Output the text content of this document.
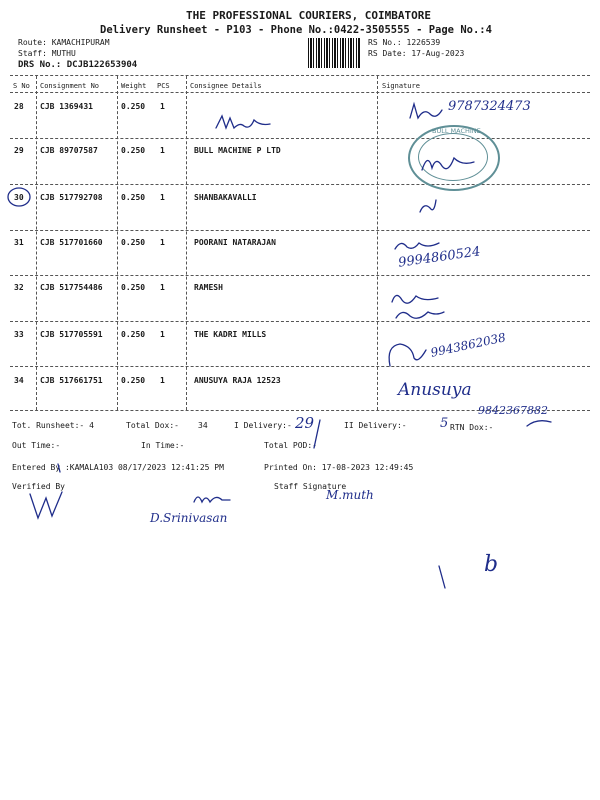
THE PROFESSIONAL COURIERS, COIMBATORE
Delivery Runsheet - P103 - Phone No.:0422-3505555 - Page No.:4
Route: KAMACHIPURAM
Staff: MUTHU
DRS No.: DCJB122653904
RS No.: 1226539
RS Date: 17-Aug-2023
S No Consignment No	Weight PCS	Consignee Details	Signature
28 CJB 1369431	0.250 1
29 CJB 89707587	0.250 1	BULL MACHINE P LTD
30 CJB 517792708 0.250 1	SHANBAKAVALLI
31 CJB 517701660 0.250 1	POORANI NATARAJAN
32 CJB 517754486 0.250 1	RAMESH
33 CJB 517705591 0.250 1	THE KADRI MILLS
34 CJB 517661751 0.250 1	ANUSUYA RAJA 12523
Tot. Runsheet:- 4	Total Dox:- 34	I Delivery:-	II Delivery:-	RTN Dox:-
Out Time:-	In Time:-	Total POD:-
Entered By :KAMALA103 08/17/2023 12:41:25 PM	Printed On: 17-08-2023 12:49:45
Verified By	Staff Signature
9787324473
BULL MACHINE
9994860524
9943862038
Anusuya
9842367882
29	5
D.Srinivasan
M.muth
b
